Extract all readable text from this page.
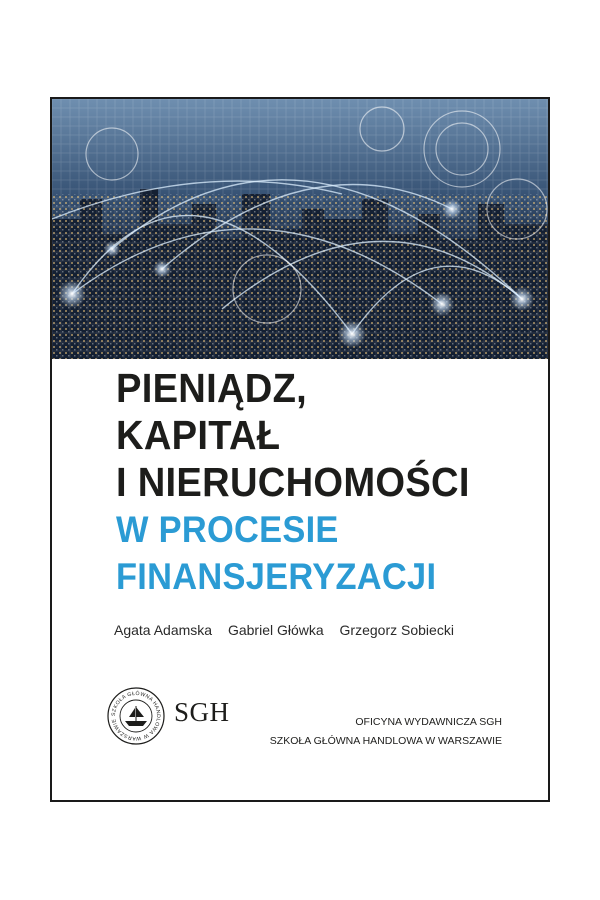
PIENIĄDZ,
KAPITAŁ
I NIERUCHOMOŚCI
W PROCESIE
FINANSJERYZACJI
Agata Adamska Gabriel Główka Grzegorz Sobiecki
SZKOŁA GŁÓWNA HANDLOWA W WARSZAWIE	SGH	OFICYNA WYDAWNICZA SGH
SZKOŁA GŁÓWNA HANDLOWA W WARSZAWIE
